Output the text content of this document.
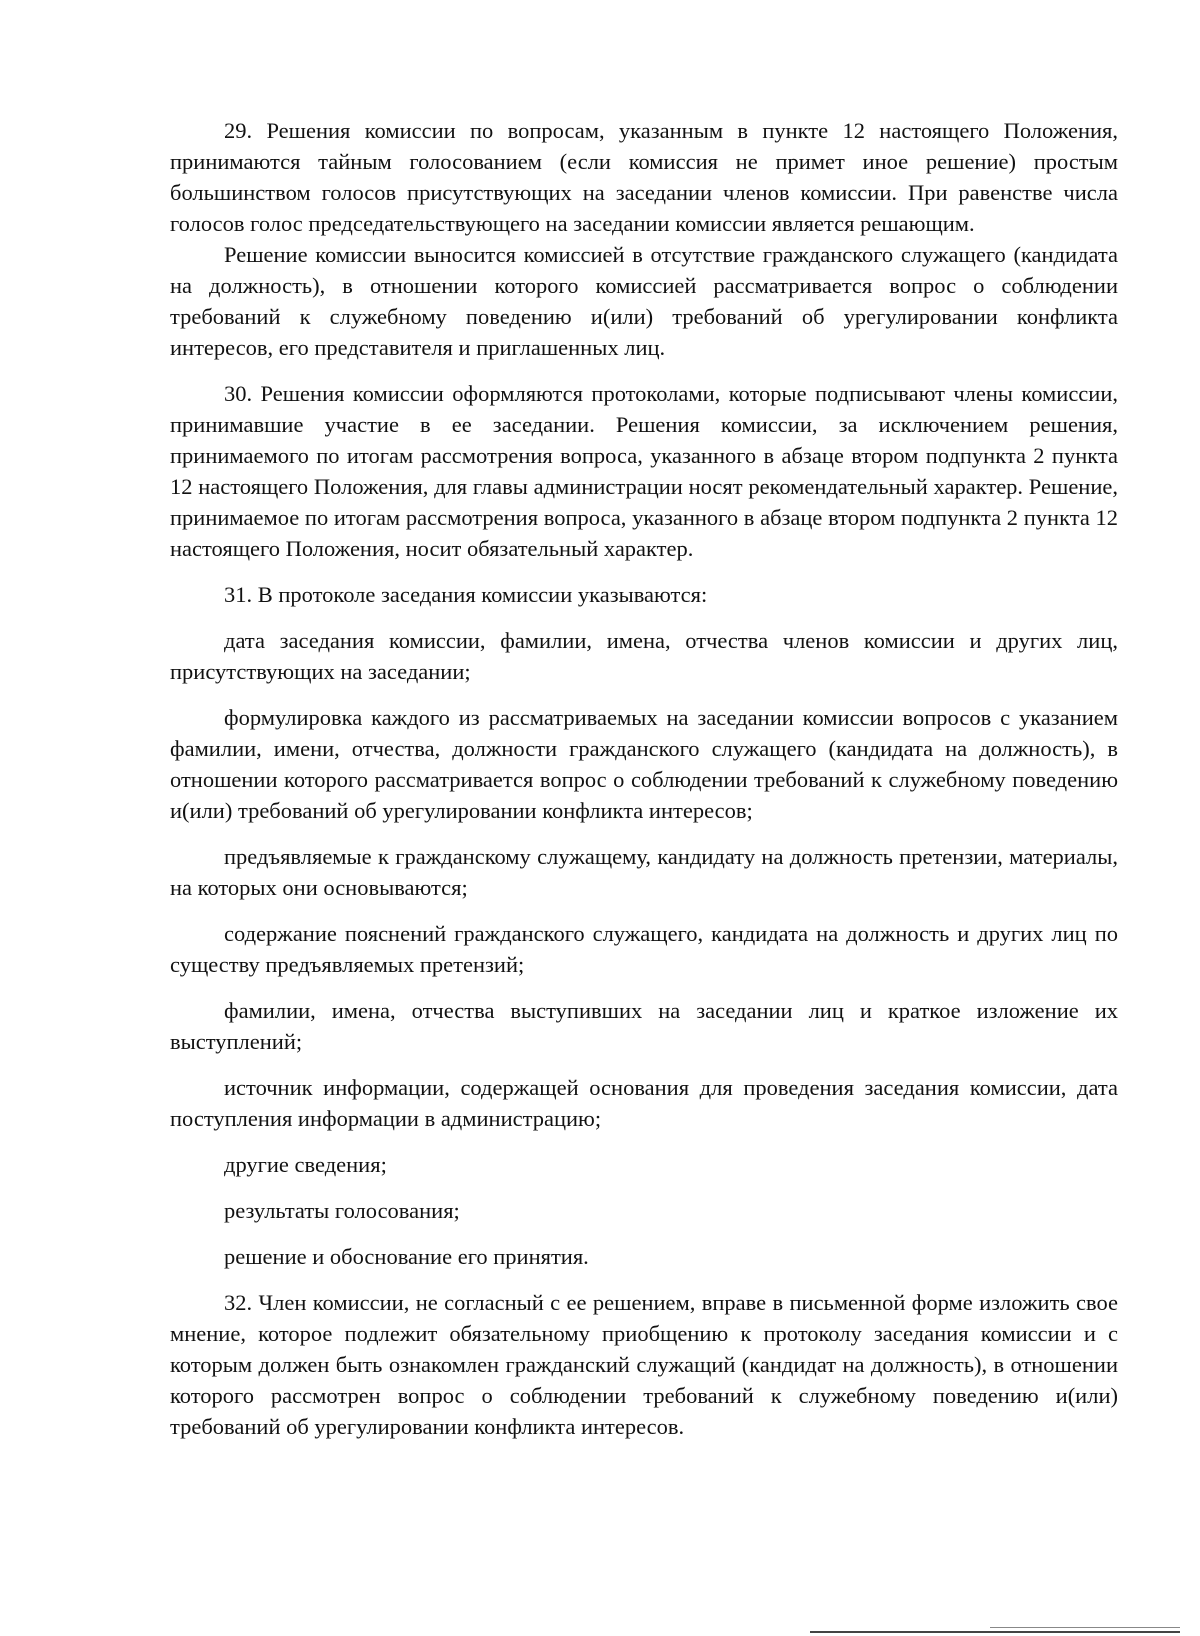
29. Решения комиссии по вопросам, указанным в пункте 12 настоящего Положения, принимаются тайным голосованием (если комиссия не примет иное решение) простым большинством голосов присутствующих на заседании членов комиссии. При равенстве числа голосов голос председательствующего на заседании комиссии является решающим.

Решение комиссии выносится комиссией в отсутствие гражданского служащего (кандидата на должность), в отношении которого комиссией рассматривается вопрос о соблюдении требований к служебному поведению и(или) требований об урегулировании конфликта интересов, его представителя и приглашенных лиц.

30. Решения комиссии оформляются протоколами, которые подписывают члены комиссии, принимавшие участие в ее заседании. Решения комиссии, за исключением решения, принимаемого по итогам рассмотрения вопроса, указанного в абзаце втором подпункта 2 пункта 12 настоящего Положения, для главы администрации носят рекомендательный характер. Решение, принимаемое по итогам рассмотрения вопроса, указанного в абзаце втором подпункта 2 пункта 12 настоящего Положения, носит обязательный характер.

31. В протоколе заседания комиссии указываются:

дата заседания комиссии, фамилии, имена, отчества членов комиссии и других лиц, присутствующих на заседании;

формулировка каждого из рассматриваемых на заседании комиссии вопросов с указанием фамилии, имени, отчества, должности гражданского служащего (кандидата на должность), в отношении которого рассматривается вопрос о соблюдении требований к служебному поведению и(или) требований об урегулировании конфликта интересов;

предъявляемые к гражданскому служащему, кандидату на должность претензии, материалы, на которых они основываются;

содержание пояснений гражданского служащего, кандидата на должность и других лиц по существу предъявляемых претензий;

фамилии, имена, отчества выступивших на заседании лиц и краткое изложение их выступлений;

источник информации, содержащей основания для проведения заседания комиссии, дата поступления информации в администрацию;

другие сведения;

результаты голосования;

решение и обоснование его принятия.

32. Член комиссии, не согласный с ее решением, вправе в письменной форме изложить свое мнение, которое подлежит обязательному приобщению к протоколу заседания комиссии и с которым должен быть ознакомлен гражданский служащий (кандидат на должность), в отношении которого рассмотрен вопрос о соблюдении требований к служебному поведению и(или) требований об урегулировании конфликта интересов.
